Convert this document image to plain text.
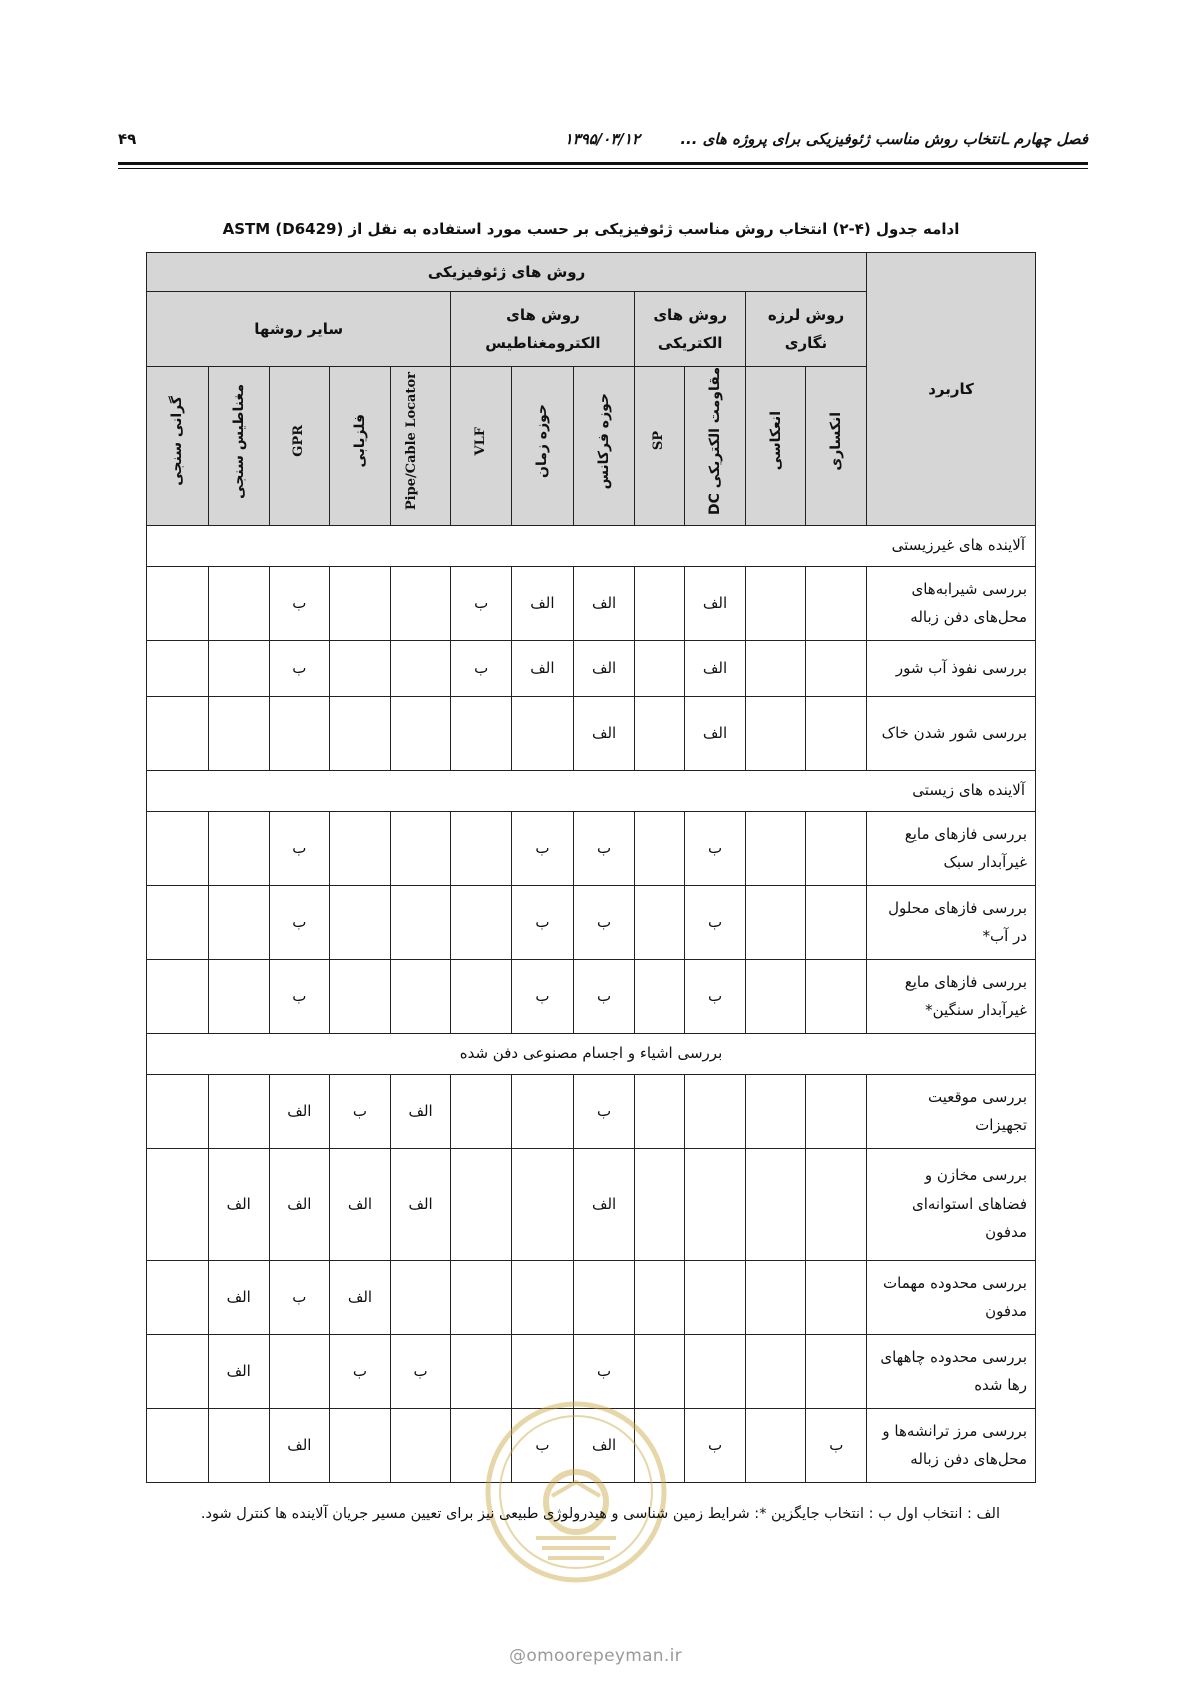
فصل چهارم ـانتخاب روش مناسب ژئوفیزیکی برای پروژه های ...
۱۳۹۵/۰۳/۱۲
۴۹
ادامه جدول (۴-۲) انتخاب روش مناسب ژئوفیزیکی بر حسب مورد استفاده به نقل از ASTM (D6429)
کاربرد	روش های ژئوفیزیکی											
	روش لرزه نگاری		روش های الکتریکی		روش های الکترومغناطیس			سایر روشها				
	انکساری	انعکاسی	مقاومت الکتریکی DC	SP	حوزه فرکانس	حوزه زمان	VLF	Pipe/Cable Locator	فلزیابی	GPR	مغناطیس سنجی	گرانی سنجی
آلاینده های غیرزیستی												
بررسی شیرابه‌های محل‌های دفن زباله			الف		الف	الف	ب			ب		
بررسی نفوذ آب شور			الف		الف	الف	ب			ب		
بررسی شور شدن خاک			الف		الف							
آلاینده های زیستی												
بررسی فازهای مایع غیرآبدار سبک			ب		ب	ب				ب		
بررسی فازهای محلول در آب*			ب		ب	ب				ب		
بررسی فازهای مایع غیرآبدار سنگین*			ب		ب	ب				ب		
بررسی اشیاء و اجسام مصنوعی دفن شده												
بررسی موقعیت تجهیزات					ب			الف	ب	الف		
بررسی مخازن و فضاهای استوانه‌ای مدفون					الف			الف	الف	الف	الف	
بررسی محدوده مهمات مدفون									الف	ب	الف	
بررسی محدوده چاههای رها شده					ب			ب	ب		الف	
بررسی مرز ترانشه‌ها و محل‌های دفن زباله	ب		ب		الف	ب				الف		
الف : انتخاب اول ب : انتخاب جایگزین *: شرایط زمین شناسی و هیدرولوژی طبیعی نیز برای تعیین مسیر جریان آلاینده ها کنترل شود.
@omoorepeyman.ir
